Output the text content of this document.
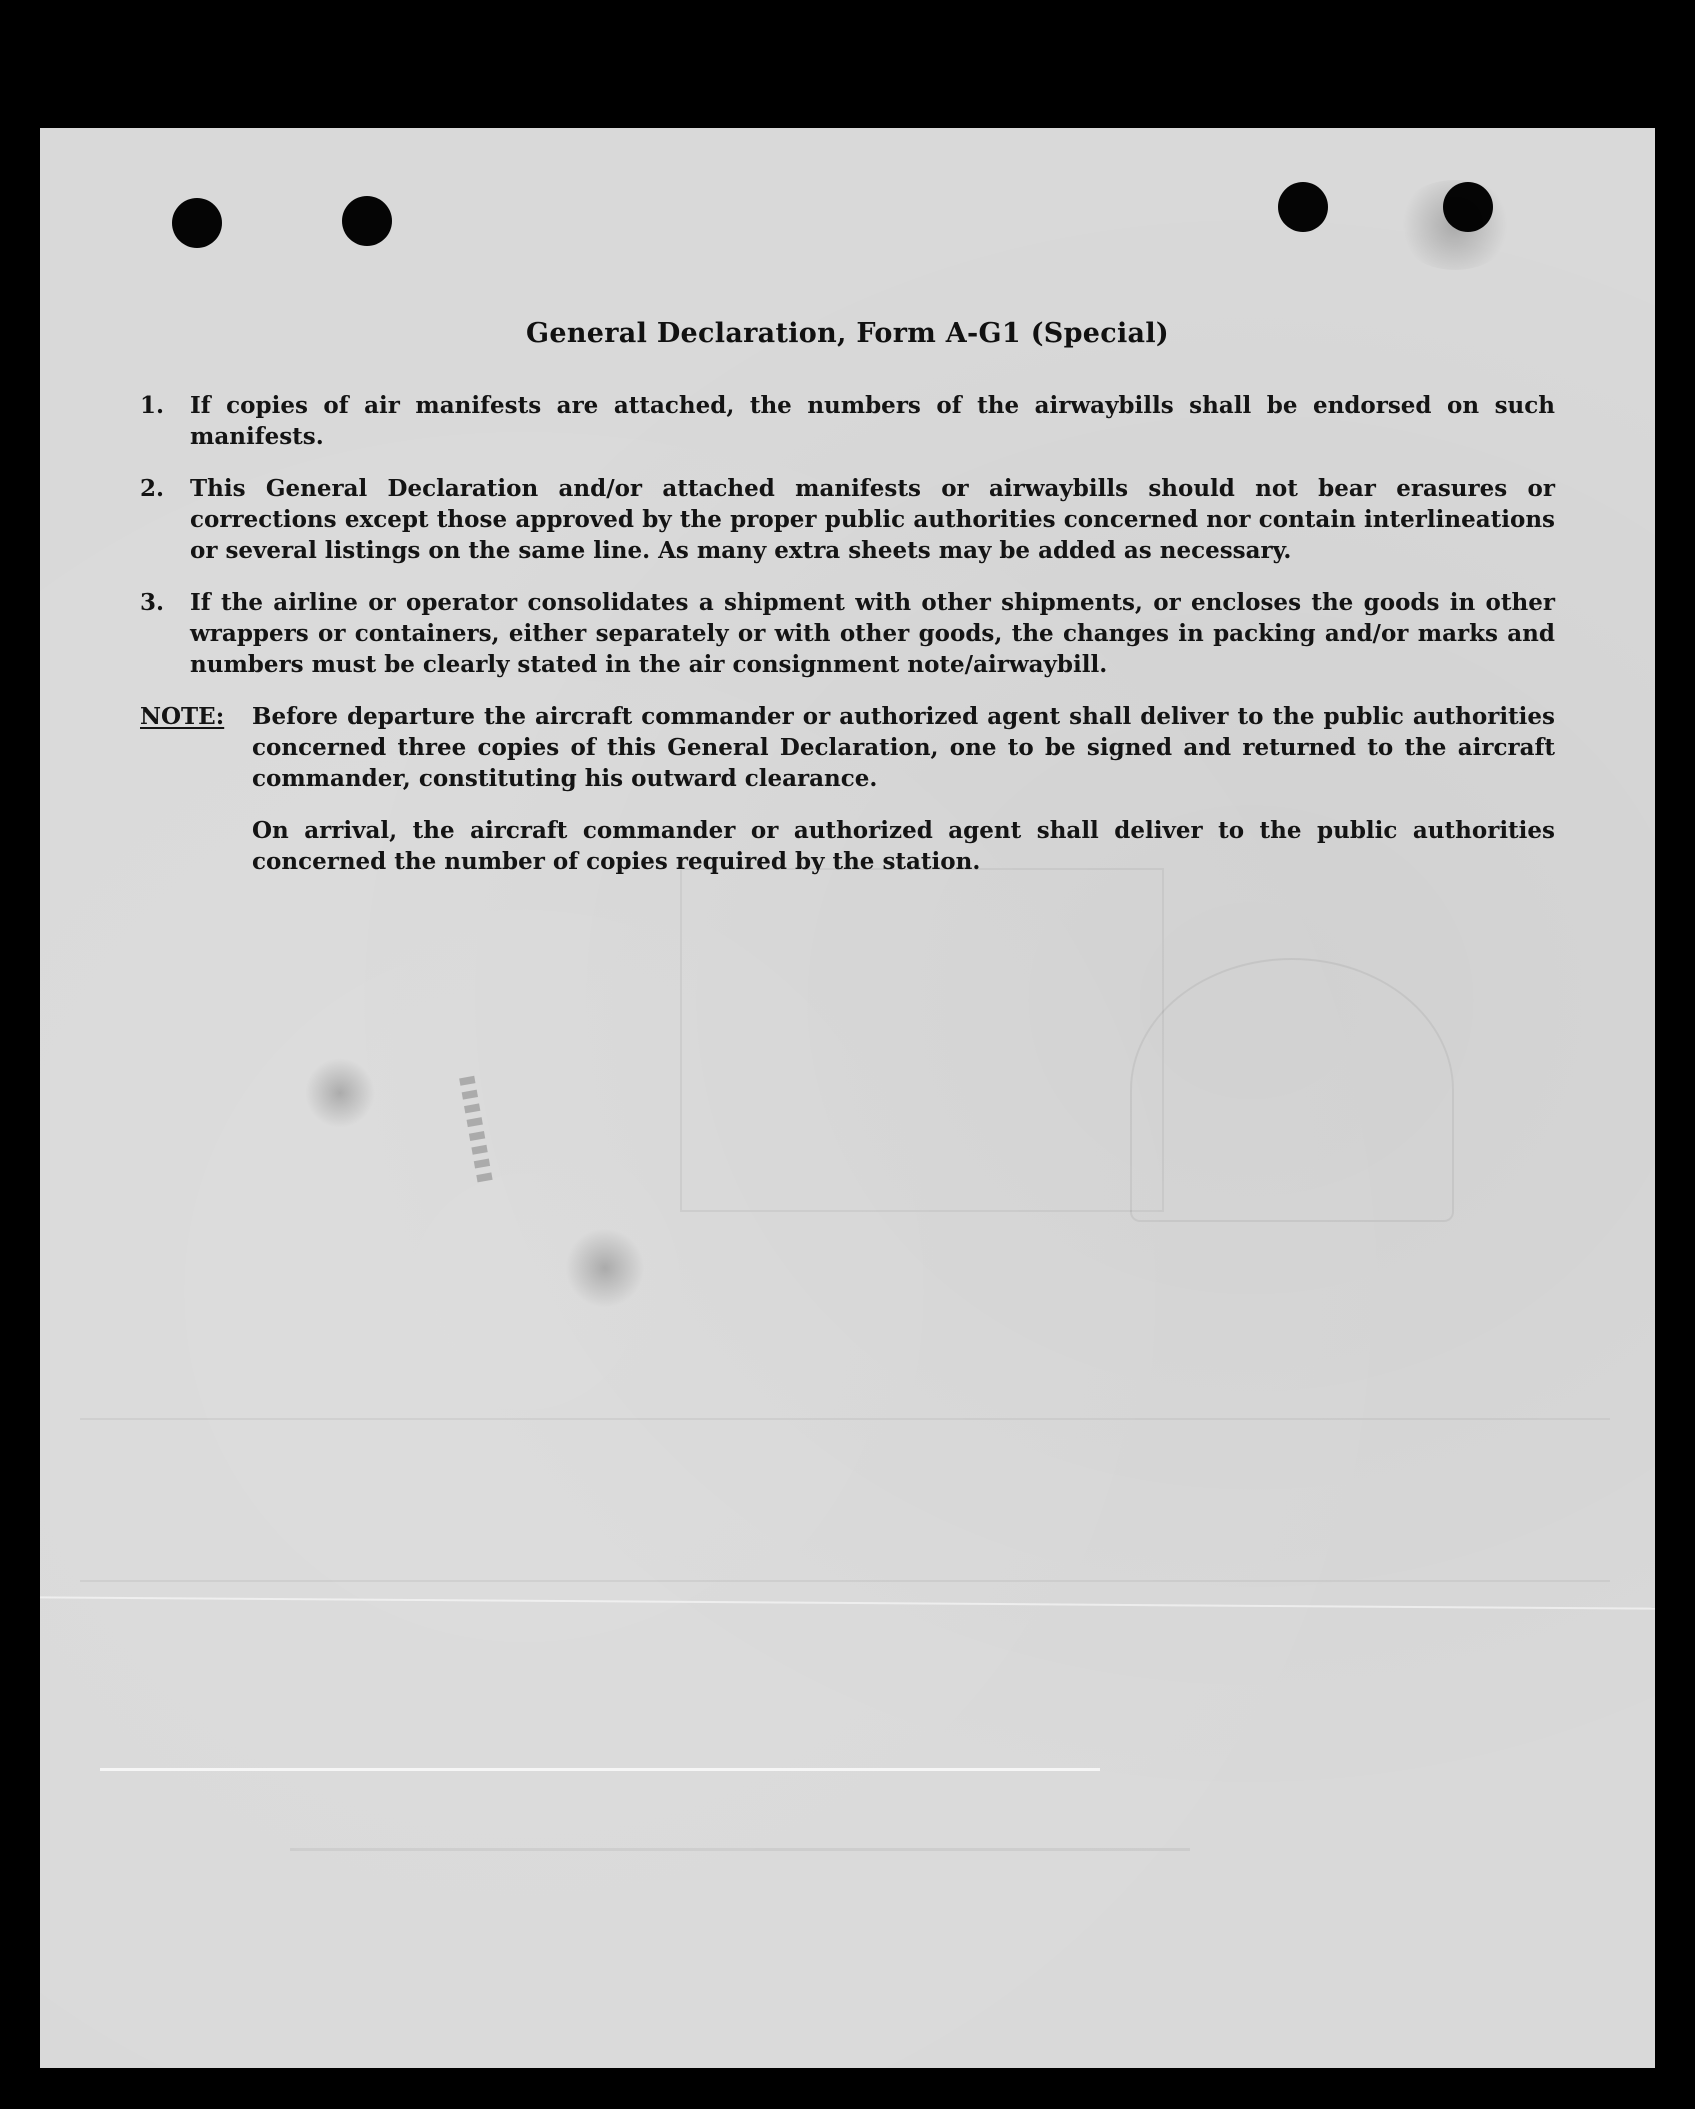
▮▮▮▮▮▮▮▮
General Declaration, Form A-G1 (Special)
1.	If copies of air manifests are attached, the numbers of the airwaybills shall be endorsed on such manifests.
2.	This General Declaration and/or attached manifests or airwaybills should not bear erasures or corrections except those approved by the proper public authorities concerned nor contain interlineations or several listings on the same line. As many extra sheets may be added as necessary.
3.	If the airline or operator consolidates a shipment with other shipments, or encloses the goods in other wrappers or containers, either separately or with other goods, the changes in packing and/or marks and numbers must be clearly stated in the air consignment note/airwaybill.
NOTE:	Before departure the aircraft commander or authorized agent shall deliver to the public authorities concerned three copies of this General Declaration, one to be signed and returned to the aircraft commander, constituting his outward clearance.

On arrival, the aircraft commander or authorized agent shall deliver to the public authorities concerned the number of copies required by the station.
